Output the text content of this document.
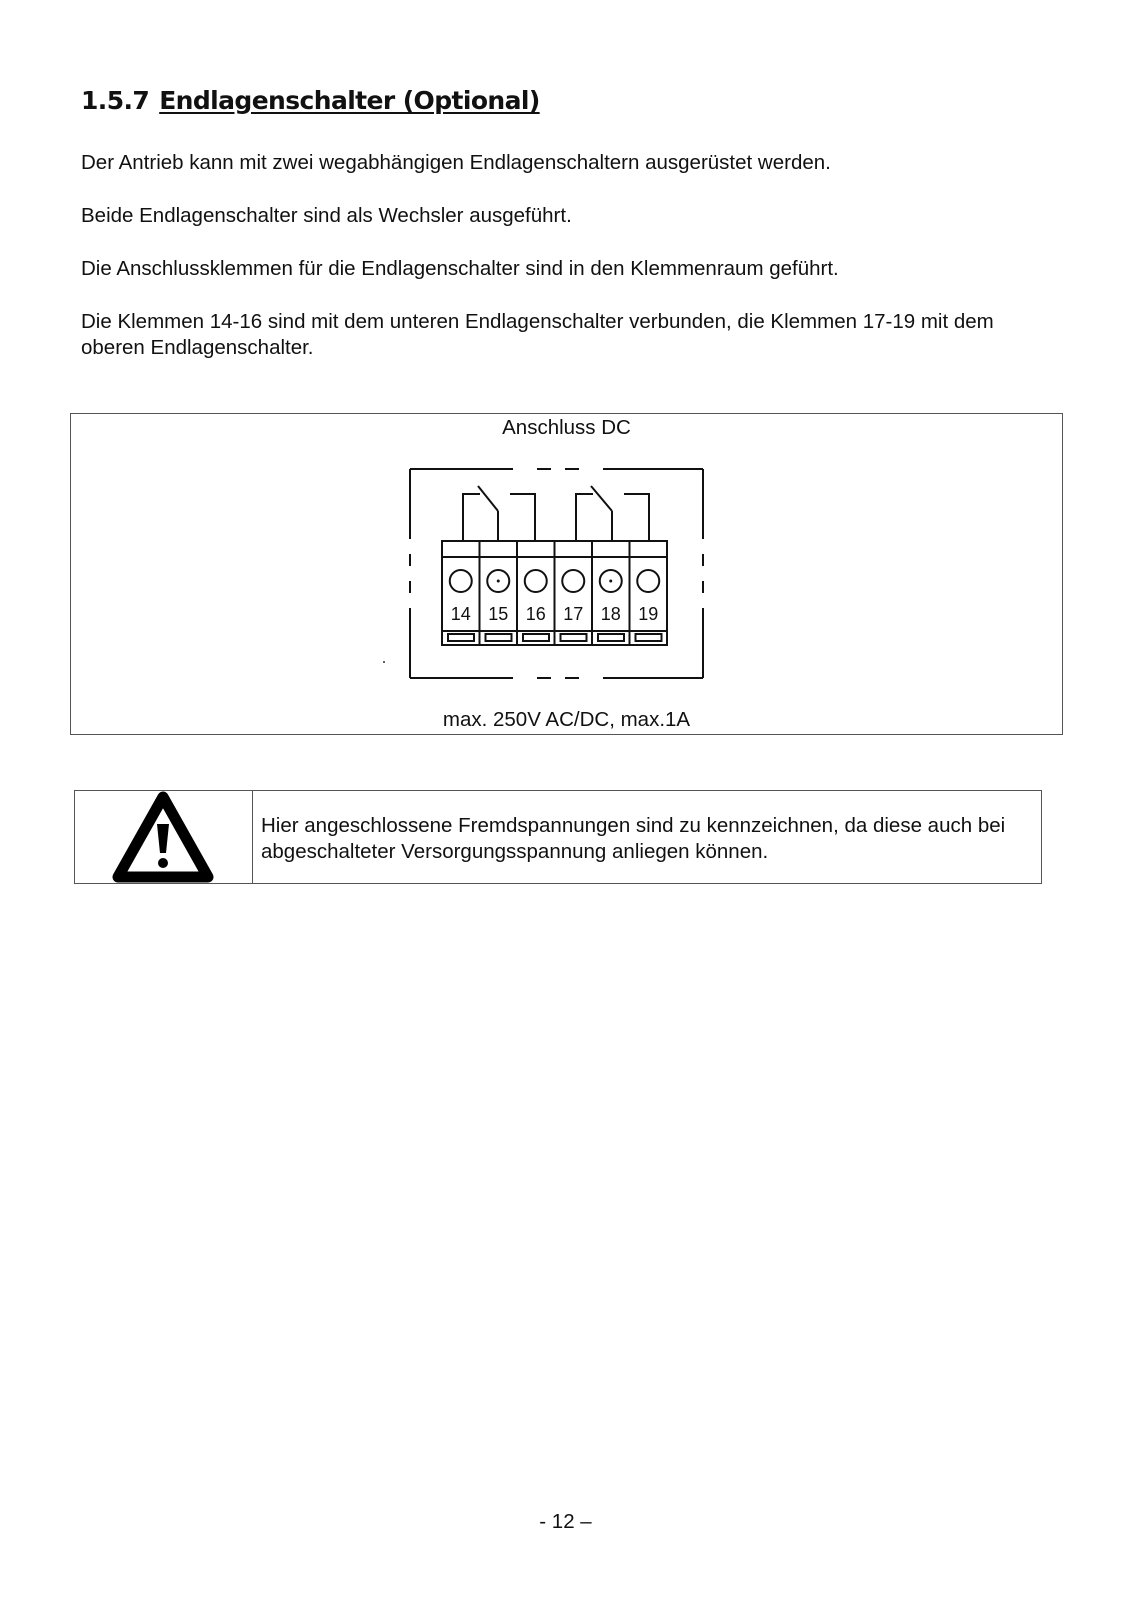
1.5.7 Endlagenschalter (Optional)
Der Antrieb kann mit zwei wegabhängigen Endlagenschaltern ausgerüstet werden.
Beide Endlagenschalter sind als Wechsler ausgeführt.
Die Anschlussklemmen für die Endlagenschalter sind in den Klemmenraum geführt.
Die Klemmen 14-16 sind mit dem unteren Endlagenschalter verbunden, die Klemmen 17-19 mit dem oberen Endlagenschalter.
Anschluss DC
14 15 16 17 18 19
max. 250V AC/DC, max.1A
Hier angeschlossene Fremdspannungen sind zu kennzeichnen, da diese auch bei abgeschalteter Versorgungsspannung anliegen können.
- 12 –
